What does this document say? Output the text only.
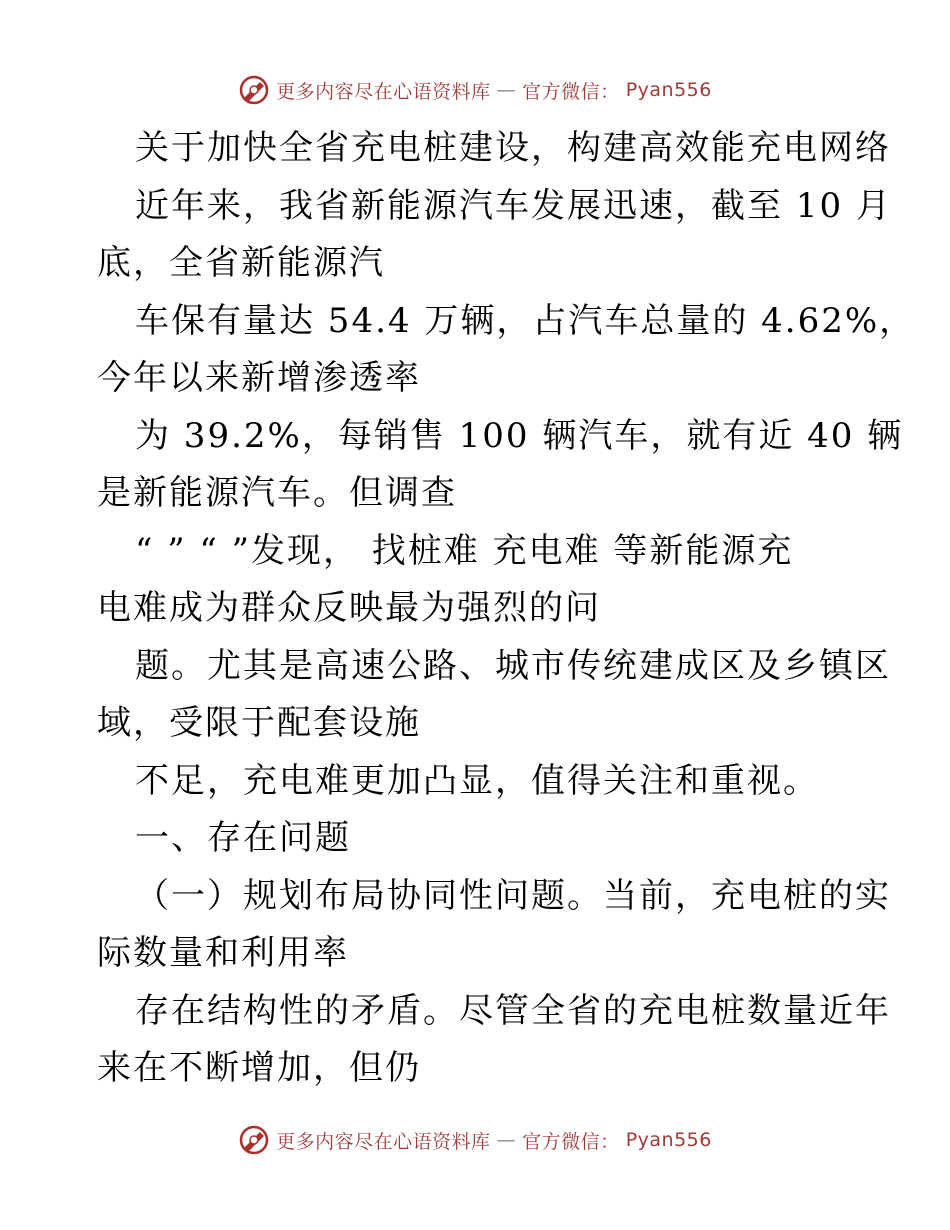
更多内容尽在心语资料库 — 官方微信： Pyan556
关于加快全省充电桩建设，构建高效能充电网络
近年来，我省新能源汽车发展迅速，截至 10 月
底，全省新能源汽
车保有量达 54.4 万辆，占汽车总量的 4.62%，
今年以来新增渗透率
为 39.2%，每销售 100 辆汽车，就有近 40 辆
是新能源汽车。但调查
“ ” “ ”发现， 找桩难 充电难 等新能源充
电难成为群众反映最为强烈的问
题。尤其是高速公路、城市传统建成区及乡镇区
域，受限于配套设施
不足，充电难更加凸显，值得关注和重视。
一、存在问题
（一）规划布局协同性问题。当前，充电桩的实
际数量和利用率
存在结构性的矛盾。尽管全省的充电桩数量近年
来在不断增加，但仍
更多内容尽在心语资料库 — 官方微信： Pyan556
